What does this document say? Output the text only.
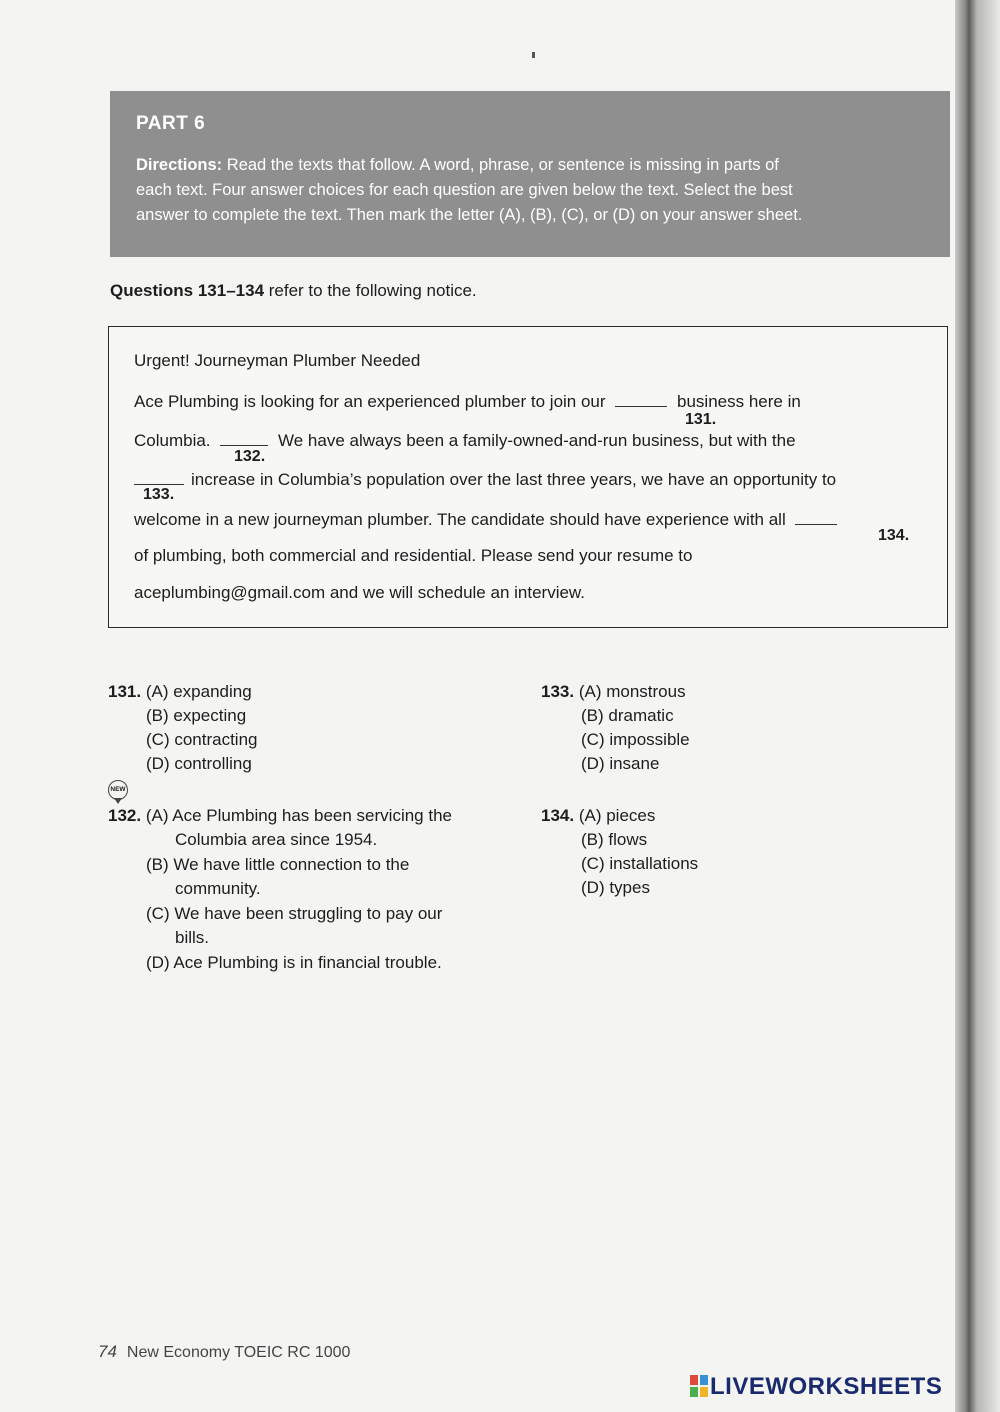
PART 6

Directions: Read the texts that follow. A word, phrase, or sentence is missing in parts of
each text. Four answer choices for each question are given below the text. Select the best
answer to complete the text. Then mark the letter (A), (B), (C), or (D) on your answer sheet.

Questions 131–134 refer to the following notice.
Urgent! Journeyman Plumber Needed
Ace Plumbing is looking for an experienced plumber to join our	business here in
131.
Columbia.	We have always been a family-owned-and-run business, but with the
132.
increase in Columbia’s population over the last three years, we have an opportunity to
133.
welcome in a new journeyman plumber. The candidate should have experience with all
134.
of plumbing, both commercial and residential. Please send your resume to
aceplumbing@gmail.com and we will schedule an interview.
131. (A) expanding
(B) expecting
(C) contracting
(D) controlling
NEW
132. (A) Ace Plumbing has been servicing the
Columbia area since 1954.
(B) We have little connection to the
community.
(C) We have been struggling to pay our
bills.
(D) Ace Plumbing is in financial trouble.
133. (A) monstrous
(B) dramatic
(C) impossible
(D) insane
134. (A) pieces
(B) flows
(C) installations
(D) types
74 New Economy TOEIC RC 1000
LIVEWORKSHEETS
